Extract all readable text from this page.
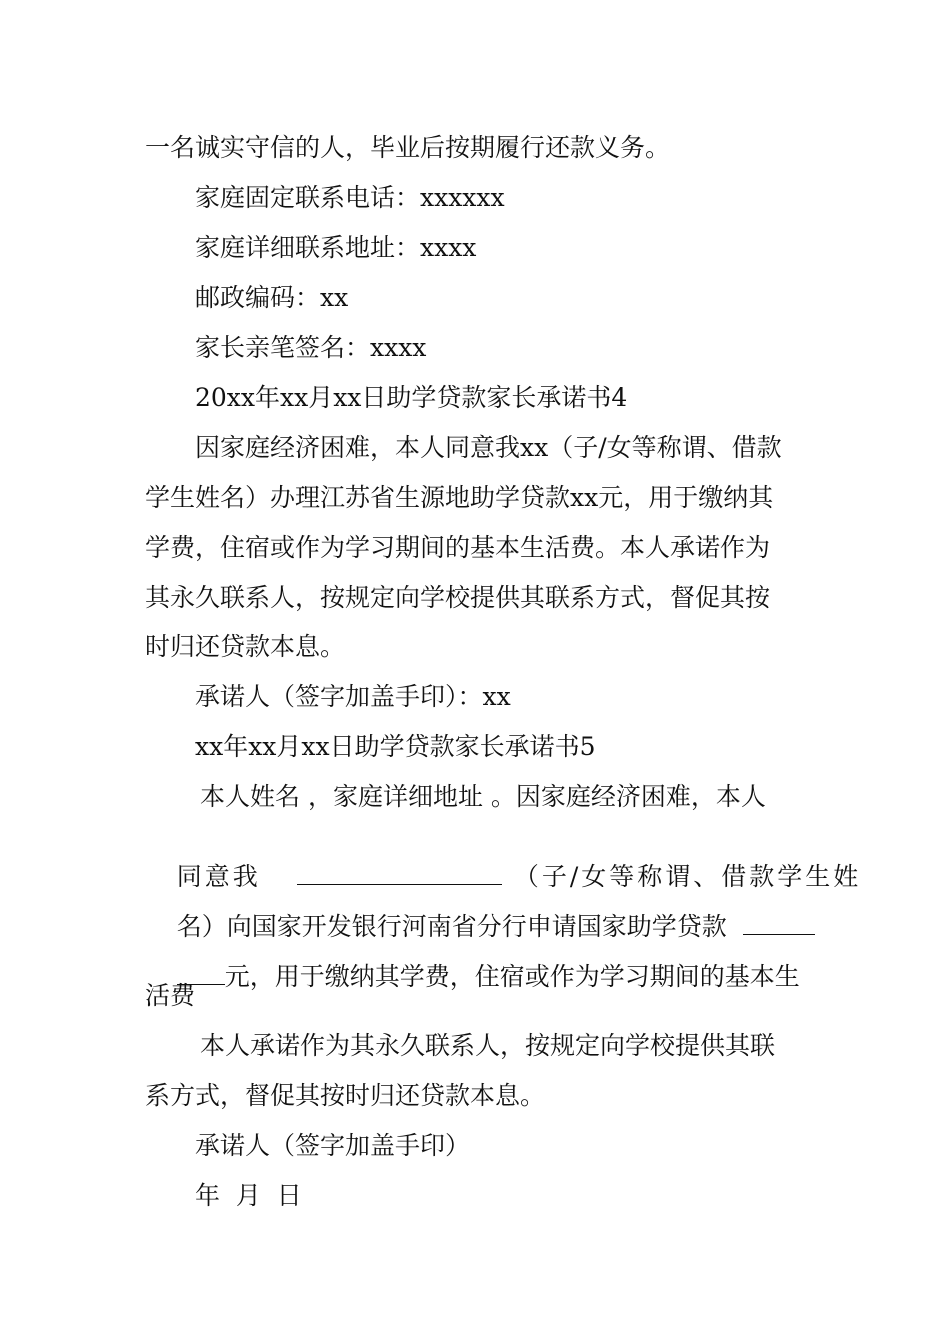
一名诚实守信的人，毕业后按期履行还款义务。

家庭固定联系电话：xxxxxx

家庭详细联系地址：xxxx

邮政编码：xx

家长亲笔签名：xxxx

20xx年xx月xx日助学贷款家长承诺书4

因家庭经济困难，本人同意我xx（子/女等称谓、借款

学生姓名）办理江苏省生源地助学贷款xx元，用于缴纳其

学费，住宿或作为学习期间的基本生活费。本人承诺作为

其永久联系人，按规定向学校提供其联系方式，督促其按

时归还贷款本息。

承诺人（签字加盖手印）：xx

xx年xx月xx日助学贷款家长承诺书5

本人姓名 ，家庭详细地址 。因家庭经济困难，本人

同意我	（子/女等称谓、借款学生姓

名）向国家开发银行河南省分行申请国家助学贷款

元，用于缴纳其学费，住宿或作为学习期间的基本生

活费

本人承诺作为其永久联系人，按规定向学校提供其联

系方式，督促其按时归还贷款本息。

承诺人（签字加盖手印）

年  月  日
